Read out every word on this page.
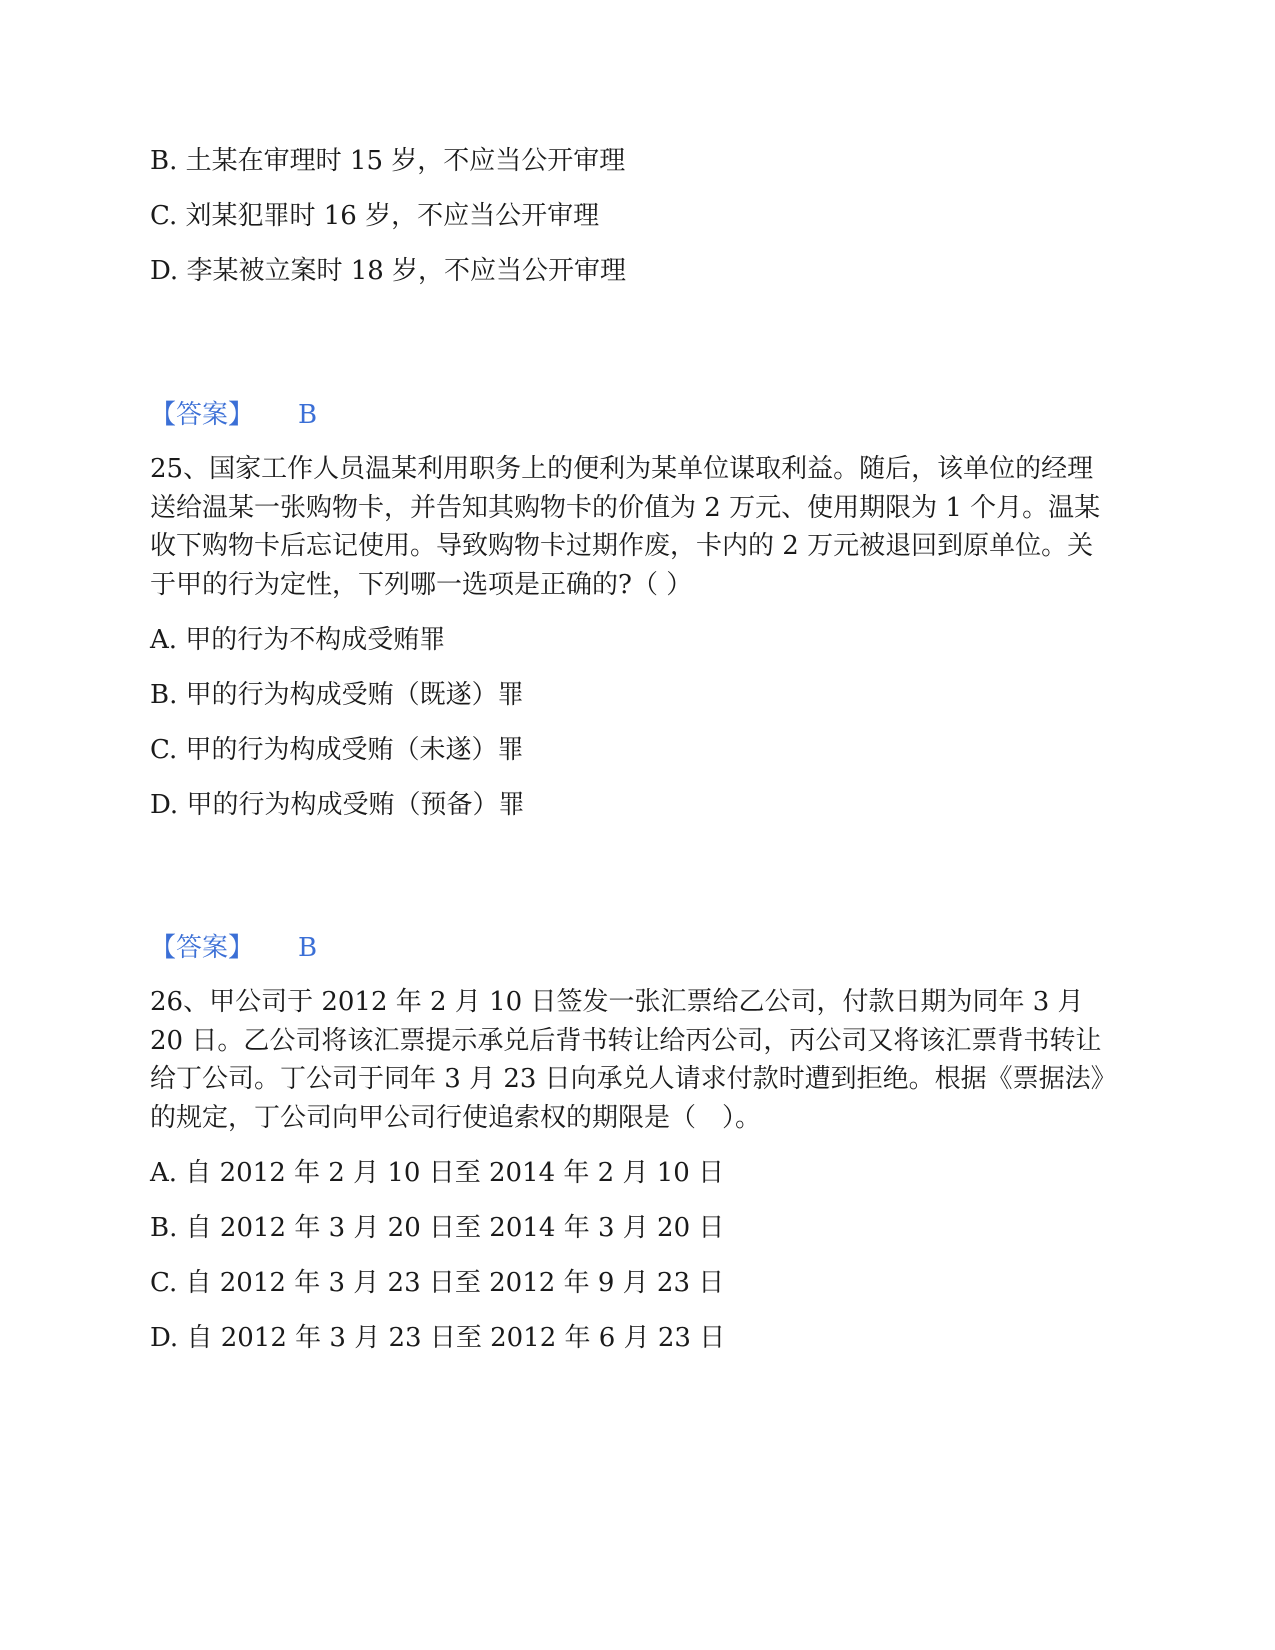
B. 土某在审理时 15 岁，不应当公开审理
C. 刘某犯罪时 16 岁，不应当公开审理
D. 李某被立案时 18 岁，不应当公开审理
【答案】 B
25、国家工作人员温某利用职务上的便利为某单位谋取利益。随后，该单位的经理送给温某一张购物卡，并告知其购物卡的价值为 2 万元、使用期限为 1 个月。温某收下购物卡后忘记使用。导致购物卡过期作废，卡内的 2 万元被退回到原单位。关于甲的行为定性，下列哪一选项是正确的?（ ）
A. 甲的行为不构成受贿罪
B. 甲的行为构成受贿（既遂）罪
C. 甲的行为构成受贿（未遂）罪
D. 甲的行为构成受贿（预备）罪
【答案】 B
26、甲公司于 2012 年 2 月 10 日签发一张汇票给乙公司，付款日期为同年 3 月 20 日。乙公司将该汇票提示承兑后背书转让给丙公司，丙公司又将该汇票背书转让给丁公司。丁公司于同年 3 月 23 日向承兑人请求付款时遭到拒绝。根据《票据法》的规定，丁公司向甲公司行使追索权的期限是（　）。
A. 自 2012 年 2 月 10 日至 2014 年 2 月 10 日
B. 自 2012 年 3 月 20 日至 2014 年 3 月 20 日
C. 自 2012 年 3 月 23 日至 2012 年 9 月 23 日
D. 自 2012 年 3 月 23 日至 2012 年 6 月 23 日
